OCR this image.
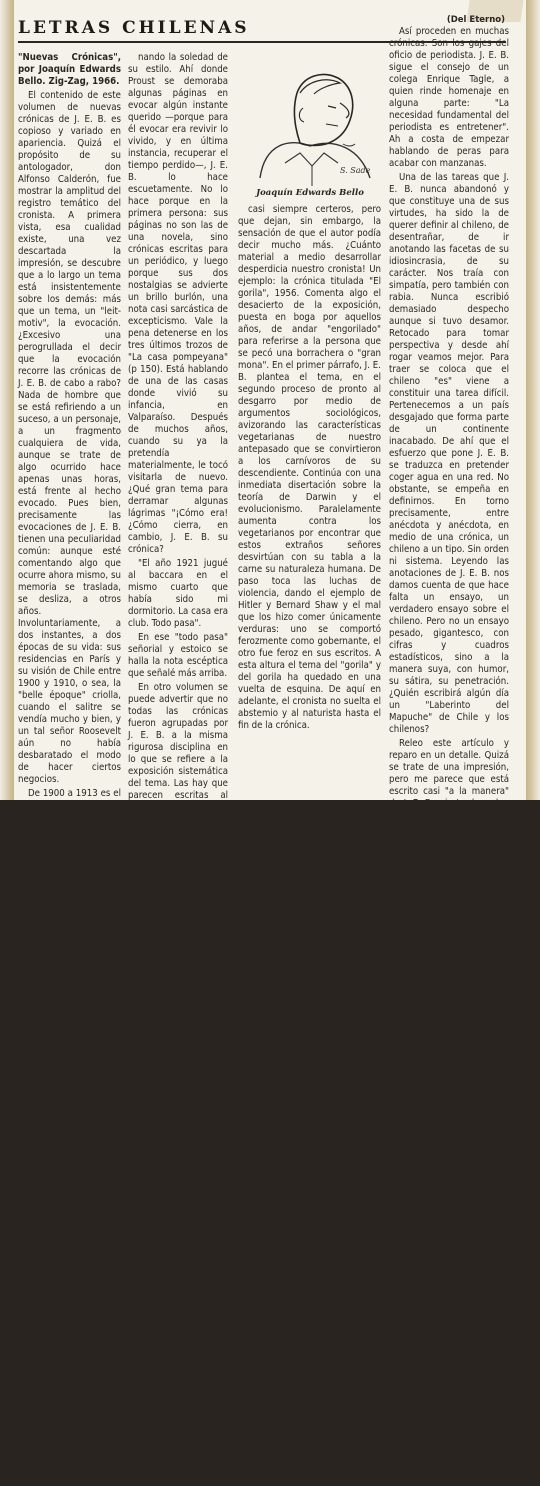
LETRAS CHILENAS

"Nuevas Crónicas", por Joaquín Edwards Bello. Zig-Zag, 1966.

El contenido de este volumen de nuevas crónicas de J. E. B. es copioso y variado en apariencia. Quizá el propósito de su antologador, don Alfonso Calderón, fue mostrar la amplitud del registro temático del cronista. A primera vista, esa cualidad existe, una vez descartada la impresión, se descubre que a lo largo un tema está insistentemente sobre los demás: más que un tema, un "leit-motiv", la evocación. ¿Excesivo una perogrullada el decir que la evocación recorre las crónicas de J. E. B. de cabo a rabo? Nada de hombre que se está refiriendo a un suceso, a un personaje, a un fragmento cualquiera de vida, aunque se trate de algo ocurrido hace apenas unas horas, está frente al hecho evocado. Pues bien, precisamente las evocaciones de J. E. B. tienen una peculiaridad común: aunque esté comentando algo que ocurre ahora mismo, su memoria se traslada, se desliza, a otros años. Involuntariamente, a dos instantes, a dos épocas de su vida: sus residencias en París y su visión de Chile entre 1900 y 1910, o sea, la "belle époque" criolla, cuando el salitre se vendía mucho y bien, y un tal señor Roosevelt aún no había desbaratado el modo de hacer ciertos negocios.

De 1900 a 1913 es el Chile de la infancia de J. E. B., nacido en 1887, cuatro años antes de la revolución del 91. La evocación de Valparaíso y sus puertos, un viaje "al sur", de los "viejos" y los múltiples ritornelos de Santiago se convierte en la constante de las crónicas. En general, sus comunicaciones son semejantes a las de un viejo "gourmet" que exalta con el sabor de platos al ido, con recetas inmortales de tradición en platos. La evocación es una actividad placentera, pero, simultáneamente, una aventura ingrata. Tiene algo de masoquista y también de inútil. Quien habla del pasado está, a veces sin quererlo, juzgando al presente. Y en este juicio, el presente sale siempre mal parado. No es para menos: se está confrontando una idea, con una realidad tangible. Algunas personas, sobre todo a medida que avanzan en edad, hacen que el fuego de las conversaciones se convierta en majadería. Si confrontan pasado / presente delante de gente de una generación más joven, tienen la sartén por el mango. Sobre lo único que un joven no puede discutir es sobre épocas remotas. Pero en J. E. B. no se siente la majadería. Quizá se debe a que el humor, un humor jovial, está determinando

nando la soledad de su estilo. Ahí donde Proust se demoraba algunas páginas en evocar algún instante querido —porque para él evocar era revivir lo vivido, y en última instancia, recuperar el tiempo perdido—, J. E. B. lo hace escuetamente. No lo hace porque en la primera persona: sus páginas no son las de una novela, sino crónicas escritas para un periódico, y luego porque sus dos nostalgias se advierte un brillo burlón, una nota casi sarcástica de excepticismo. Vale la pena detenerse en los tres últimos trozos de "La casa pompeyana" (p 150). Está hablando de una de las casas donde vivió su infancia, en Valparaíso. Después de muchos años, cuando su ya la pretendía materialmente, le tocó visitarla de nuevo. ¿Qué gran tema para derramar algunas lágrimas "¡Cómo era! ¿Cómo cierra, en cambio, J. E. B. su crónica?

"El año 1921 jugué al baccara en el mismo cuarto que había sido mi dormitorio. La casa era club. Todo pasa".

En ese "todo pasa" señorial y estoico se halla la nota escéptica que señalé más arriba.

En otro volumen se puede advertir que no todas las crónicas fueron agrupadas por J. E. B. a la misma rigurosa disciplina en lo que se refiere a la exposición sistemática del tema. Las hay que parecen escritas al correr de la máquina. Sólo pueden servirles de modelo a aquellos que a cada rato andan preguntándose a los escritores "¿Cómo escribe Ud.?" o "¿De qué manera está hecho el proceso de escribir?" o "¿Qué ocurre cuando la idea pasa de la mente al papel?", y otras preguntas por el estilo que el autor, generalmente, se hace un nudo para responderlas. A menudo J. E. B. comienza con una idea y tres páginas más allá termina con otra idea en el azar y sugiere varias más. Un proceso asociativo se pone en marcha en su cabeza con rapidez asombrosa. Algo digno de ser apreciado por Jung. Una idea genera a la siguiente. Lo que abandona en el camino luego de desarrollarla con breves trazos,

S. Sade
Joaquín Edwards Bello

casi siempre certeros, pero que dejan, sin embargo, la sensación de que el autor podía decir mucho más. ¿Cuánto material a medio desarrollar desperdicia nuestro cronista! Un ejemplo: la crónica titulada "El gorila", 1956. Comenta algo el desacierto de la exposición, puesta en boga por aquellos años, de andar "engorilado" para referirse a la persona que se pecó una borrachera o "gran mona". En el primer párrafo, J. E. B. plantea el tema, en el segundo proceso de pronto al desgarro por medio de argumentos sociológicos, avizorando las características vegetarianas de nuestro antepasado que se convirtieron a los carnívoros de su descendiente. Continúa con una inmediata disertación sobre la teoría de Darwin y el evolucionismo. Paralelamente aumenta contra los vegetarianos por encontrar que estos extraños señores desvirtúan con su tabla a la carne su naturaleza humana. De paso toca las luchas de violencia, dando el ejemplo de Hitler y Bernard Shaw y el mal que los hizo comer únicamente verduras: uno se comportó ferozmente como gobernante, el otro fue feroz en sus escritos. A esta altura el tema del "gorila" y del gorila ha quedado en una vuelta de esquina. De aquí en adelante, el cronista no suelta el abstemio y al naturista hasta el fin de la crónica.

(Del Eterno)

Así proceden en muchas crónicas. Son los gajes del oficio de periodista. J. E. B. sigue el consejo de un colega Enrique Tagle, a quien rinde homenaje en alguna parte: "La necesidad fundamental del periodista es entretener". Ah a costa de empezar hablando de peras para acabar con manzanas.

Una de las tareas que J. E. B. nunca abandonó y que constituye una de sus virtudes, ha sido la de querer definir al chileno, de desentrañar, de ir anotando las facetas de su idiosincrasia, de su carácter. Nos traía con simpatía, pero también con rabia. Nunca escribió demasiado despecho aunque si tuvo desamor. Retocado para tomar perspectiva y desde ahí rogar veamos mejor. Para traer se coloca que el chileno "es" viene a constituir una tarea difícil. Pertenecemos a un país desgajado que forma parte de un continente inacabado. De ahí que el esfuerzo que pone J. E. B. se traduzca en pretender coger agua en una red. No obstante, se empeña en definirnos. En torno precisamente, entre anécdota y anécdota, en medio de una crónica, un chileno a un tipo. Sin orden ni sistema. Leyendo las anotaciones de J. E. B. nos damos cuenta de que hace falta un ensayo, un verdadero ensayo sobre el chileno. Pero no un ensayo pesado, gigantesco, con cifras y cuadros estadísticos, sino a la manera suya, con humor, su sátira, su penetración. ¿Quién escribirá algún día un "Laberinto del Mapuche" de Chile y los chilenos?

Releo este artículo y reparo en un detalle. Quizá se trate de una impresión, pero me parece que está escrito casi "a la manera" de J. E. B.: cierto desorden expositivo, la idea que va generando a la siguiente. Ahora entonces otra peculiaridad del autor de las "Nuevas Crónicas": su estilo es contagioso.

Y como punto final quiero suscribirme totalmente, en forma y fondo, a su declaración de la página 204:

"El que no tiene un pelo de histrión, es tonto".

Si todas las ideas pudieran expresarse de esta manera, las letras se morirían de hambre.
